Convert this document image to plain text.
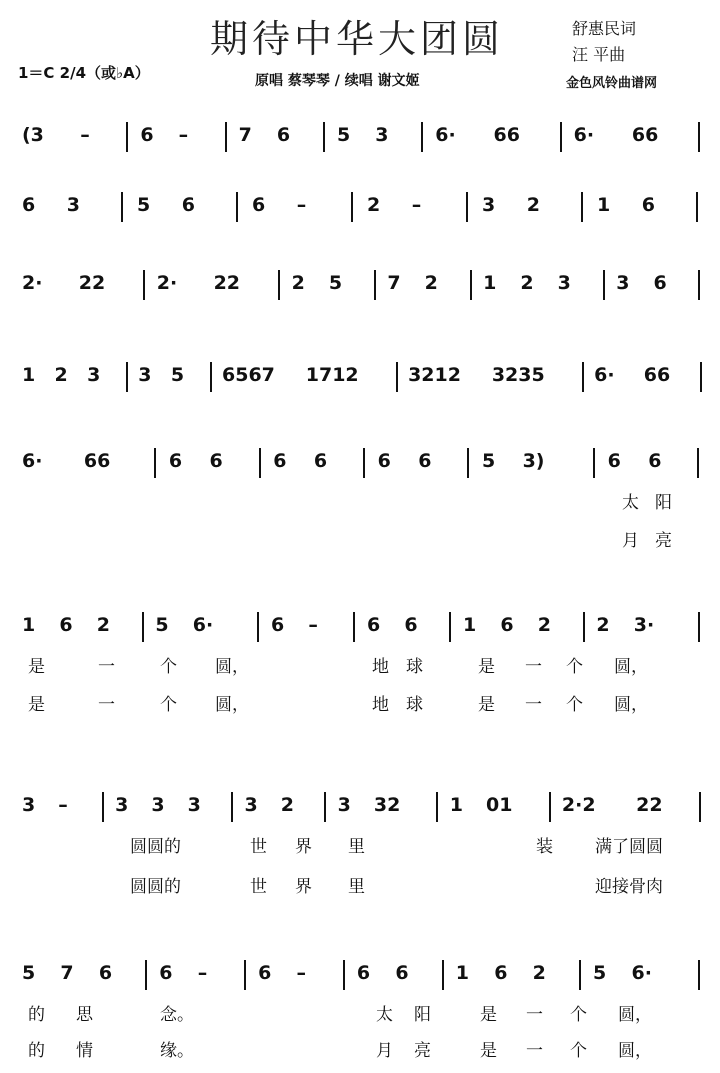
期待中华大团圆
1＝C 2/4（或♭A）	原唱 蔡琴琴 / 续唱 谢文姬
舒惠民词
汪 平曲
金色风铃曲谱网
(3 –	6 –	7 6 5 3 6· 66	6· 66
6 3	5 6	6 –	2 –	3 2	1 6
2· 22	2· 22	2 5 7 2 1 2 3 3 6
1 2 3 3 5 6567 1712	3212 3235	6· 66
6· 66	6 6	6 6	6 6	5 3)	6 6
1 6 2 5 6·	6 –	6 6 1 6 2 2 3·
3 – 3 3 3 3 2 3 32	1 01	2·2 22
5 7 6 6 –	6 –	6 6 1 6 2 5 6·
太 阳
月 亮
是	一	个 圆，	地 球	是 一 个 圆，
是	一	个 圆，	地 球	是 一 个 圆，
圆圆的	世 界 里	装 满了圆圆
圆圆的	世 界 里	迎接骨肉
的 思	念。	太 阳	是 一 个 圆，
的 情	缘。	月 亮	是 一 个 圆，
